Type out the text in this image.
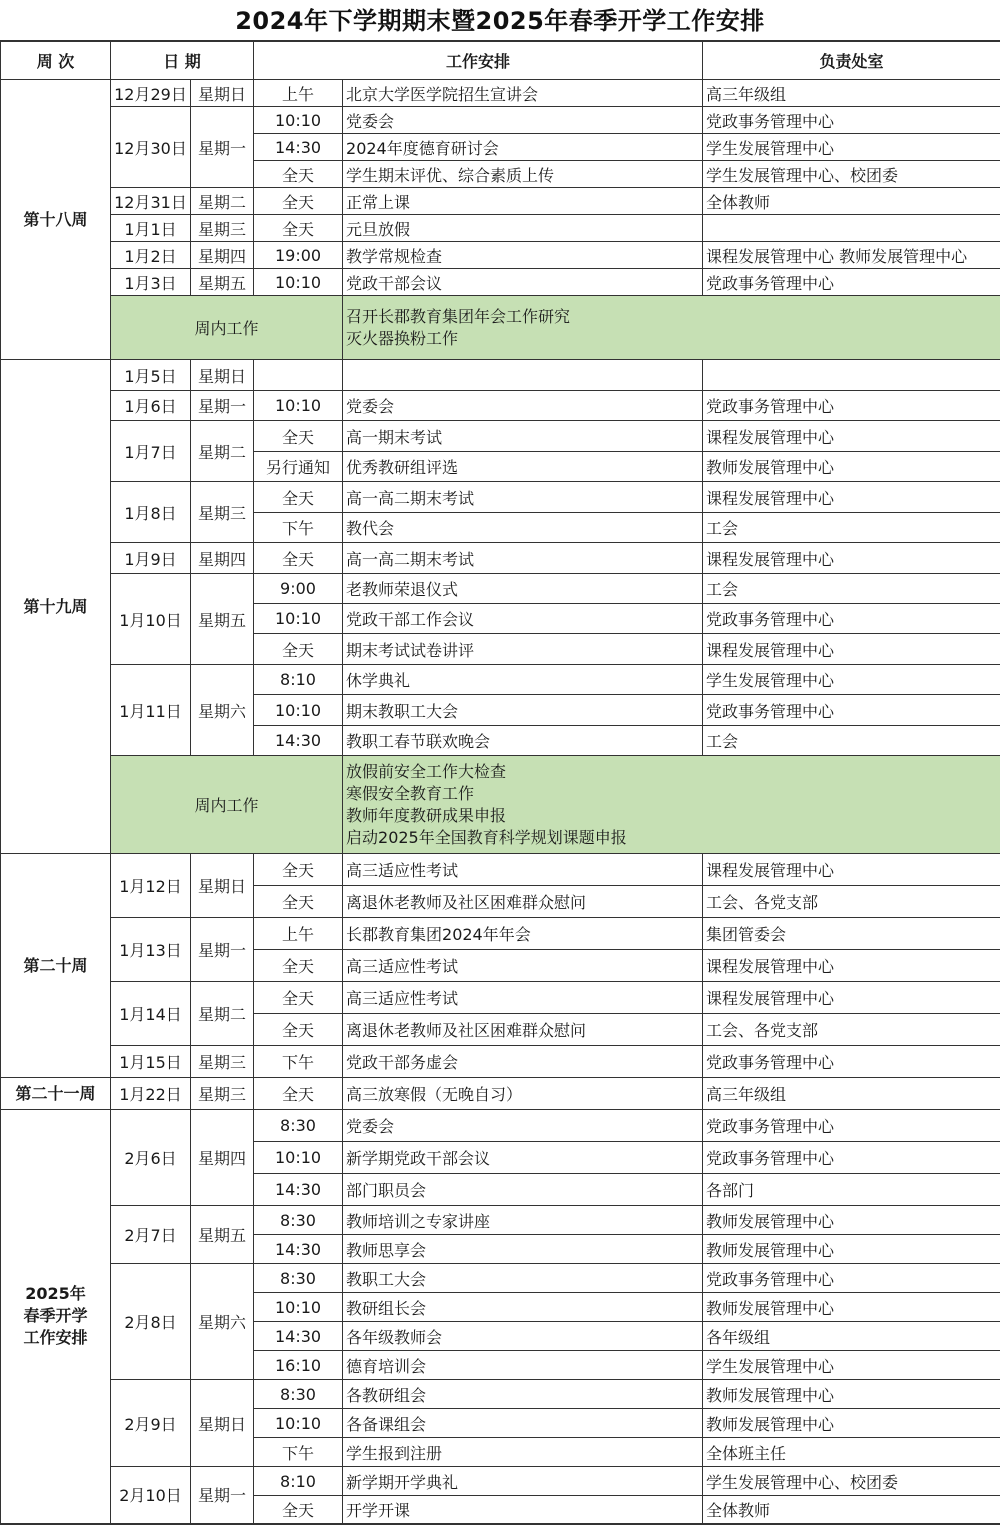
2024年下学期期末暨2025年春季开学工作安排
周 次	日 期		工作安排		负责处室
第十八周	12月29日	星期日	上午	北京大学医学院招生宣讲会	高三年级组
	12月30日	星期一	10:10	党委会	党政事务管理中心
			14:30	2024年度德育研讨会	学生发展管理中心
			全天	学生期末评优、综合素质上传	学生发展管理中心、校团委
	12月31日	星期二	全天	正常上课	全体教师
	1月1日	星期三	全天	元旦放假	
	1月2日	星期四	19:00	教学常规检查	课程发展管理中心 教师发展管理中心
	1月3日	星期五	10:10	党政干部会议	党政事务管理中心
	周内工作			召开长郡教育集团年会工作研究
灭火器换粉工作	

第十九周	1月5日	星期日			
	1月6日	星期一	10:10	党委会	党政事务管理中心
	1月7日	星期二	全天	高一期末考试	课程发展管理中心
			另行通知	优秀教研组评选	教师发展管理中心
	1月8日	星期三	全天	高一高二期末考试	课程发展管理中心
			下午	教代会	工会
	1月9日	星期四	全天	高一高二期末考试	课程发展管理中心
	1月10日	星期五	9:00	老教师荣退仪式	工会
			10:10	党政干部工作会议	党政事务管理中心
			全天	期末考试试卷讲评	课程发展管理中心
	1月11日	星期六	8:10	休学典礼	学生发展管理中心
			10:10	期末教职工大会	党政事务管理中心
			14:30	教职工春节联欢晚会	工会
	周内工作			放假前安全工作大检查
寒假安全教育工作
教师年度教研成果申报
启动2025年全国教育科学规划课题申报	

第二十周	1月12日	星期日	全天	高三适应性考试	课程发展管理中心
			全天	离退休老教师及社区困难群众慰问	工会、各党支部
	1月13日	星期一	上午	长郡教育集团2024年年会	集团管委会
			全天	高三适应性考试	课程发展管理中心
	1月14日	星期二	全天	高三适应性考试	课程发展管理中心
			全天	离退休老教师及社区困难群众慰问	工会、各党支部
	1月15日	星期三	下午	党政干部务虚会	党政事务管理中心
第二十一周	1月22日	星期三	全天	高三放寒假（无晚自习）	高三年级组

2025年
春季开学
工作安排	2月6日	星期四	8:30	党委会	党政事务管理中心
			10:10	新学期党政干部会议	党政事务管理中心
			14:30	部门职员会	各部门
	2月7日	星期五	8:30	教师培训之专家讲座	教师发展管理中心
			14:30	教师思享会	教师发展管理中心
	2月8日	星期六	8:30	教职工大会	党政事务管理中心
			10:10	教研组长会	教师发展管理中心
			14:30	各年级教师会	各年级组
			16:10	德育培训会	学生发展管理中心
	2月9日	星期日	8:30	各教研组会	教师发展管理中心
			10:10	各备课组会	教师发展管理中心
			下午	学生报到注册	全体班主任
	2月10日	星期一	8:10	新学期开学典礼	学生发展管理中心、校团委
			全天	开学开课	全体教师
